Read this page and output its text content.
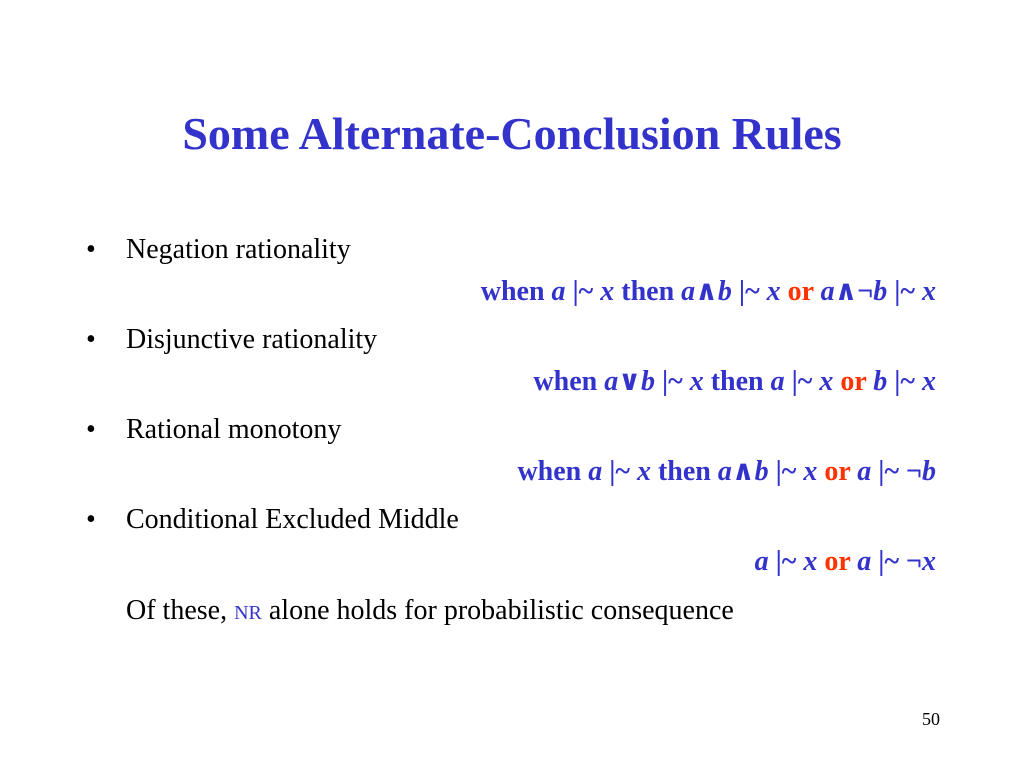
Some Alternate-Conclusion Rules
• Negation rationality
when a |~ x then a∧b |~ x or a∧¬b |~ x
• Disjunctive rationality
when a∨b |~ x then a |~ x or b |~ x
• Rational monotony
when a |~ x then a∧b |~ x or a |~ ¬b
• Conditional Excluded Middle
a |~ x or a |~ ¬x
Of these, NR alone holds for probabilistic consequence
50
